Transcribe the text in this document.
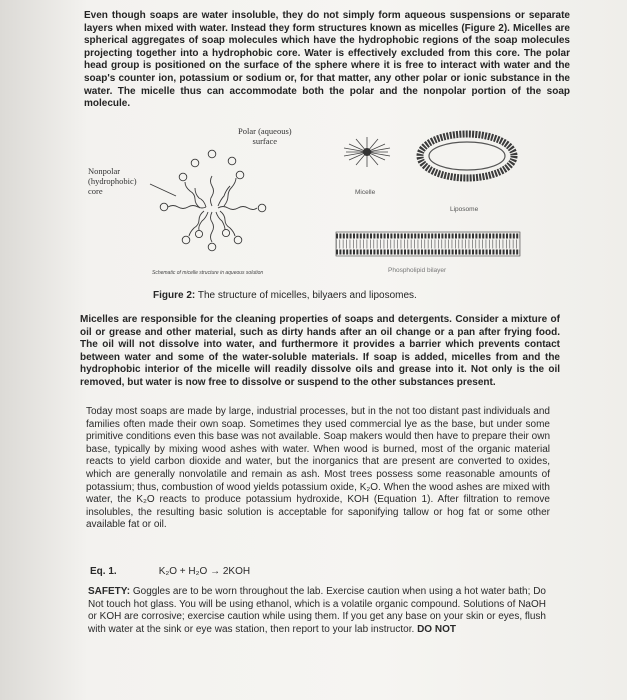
Even though soaps are water insoluble, they do not simply form aqueous suspensions or separate layers when mixed with water. Instead they form structures known as micelles (Figure 2). Micelles are spherical aggregates of soap molecules which have the hydrophobic regions of the soap molecules projecting together into a hydrophobic core. Water is effectively excluded from this core. The polar head group is positioned on the surface of the sphere where it is free to interact with water and the soap's counter ion, potassium or sodium or, for that matter, any other polar or ionic substance in the water. The micelle thus can accommodate both the polar and the nonpolar portion of the soap molecule.
Polar (aqueous)
surface
Nonpolar
(hydrophobic)
core	Micelle
Liposome
Phospholipid bilayer
Schematic of micelle structure in aqueous solution
Figure 2: The structure of micelles, bilyaers and liposomes.
Micelles are responsible for the cleaning properties of soaps and detergents. Consider a mixture of oil or grease and other material, such as dirty hands after an oil change or a pan after frying food. The oil will not dissolve into water, and furthermore it provides a barrier which prevents contact between water and some of the water-soluble materials. If soap is added, micelles from and the hydrophobic interior of the micelle will readily dissolve oils and grease into it. Not only is the oil removed, but water is now free to dissolve or suspend to the other substances present.
Today most soaps are made by large, industrial processes, but in the not too distant past individuals and families often made their own soap. Sometimes they used commercial lye as the base, but under some primitive conditions even this base was not available. Soap makers would then have to prepare their own base, typically by mixing wood ashes with water. When wood is burned, most of the organic material reacts to yield carbon dioxide and water, but the inorganics that are present are converted to oxides, which are generally nonvolatile and remain as ash. Most trees possess some reasonable amounts of potassium; thus, combustion of wood yields potassium oxide, K₂O. When the wood ashes are mixed with water, the K₂O reacts to produce potassium hydroxide, KOH (Equation 1). After filtration to remove insolubles, the resulting basic solution is acceptable for saponifying tallow or hog fat or some other available fat or oil.
Eq. 1.	K₂O + H₂O → 2KOH
SAFETY: Goggles are to be worn throughout the lab. Exercise caution when using a hot water bath; Do Not touch hot glass. You will be using ethanol, which is a volatile organic compound. Solutions of NaOH or KOH are corrosive; exercise caution while using them. If you get any base on your skin or eyes, flush with water at the sink or eye was station, then report to your lab instructor. DO NOT
